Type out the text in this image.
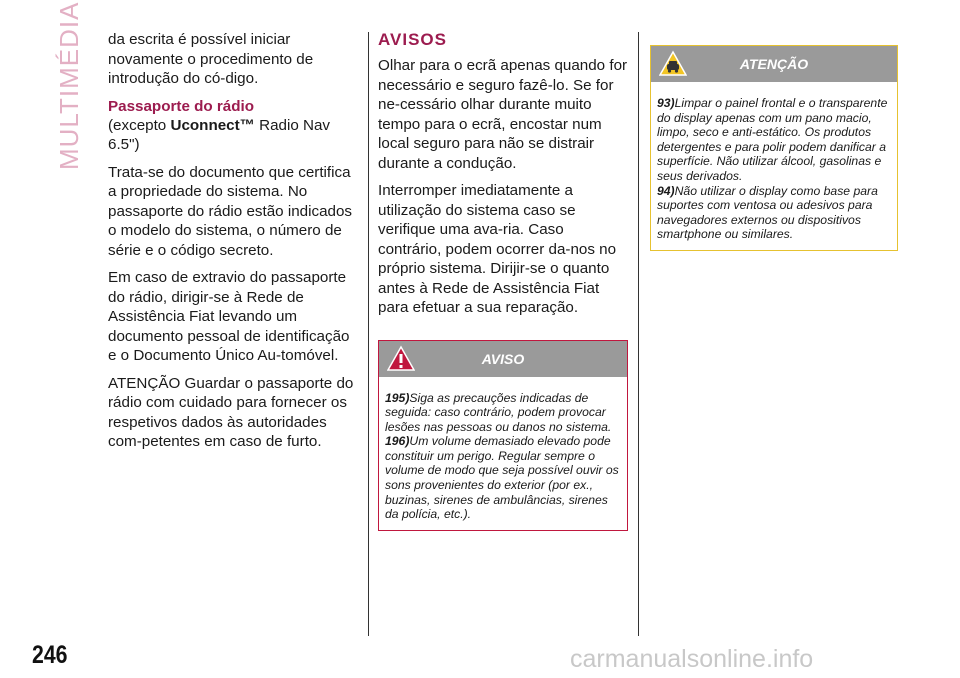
MULTIMÉDIA da escrita é possível iniciar novamente o procedimento de introdução do có-digo.

Passaporte do rádio

(excepto Uconnect™ Radio Nav 6.5")

Trata-se do documento que certifica a propriedade do sistema. No passaporte do rádio estão indicados o modelo do sistema, o número de série e o código secreto.

Em caso de extravio do passaporte do rádio, dirigir-se à Rede de Assistência Fiat levando um documento pessoal de identificação e o Documento Único Au-tomóvel.

ATENÇÃO Guardar o passaporte do rádio com cuidado para fornecer os respetivos dados às autoridades com-petentes em caso de furto.

AVISOS

Olhar para o ecrã apenas quando for necessário e seguro fazê-lo. Se for ne-cessário olhar durante muito tempo para o ecrã, encostar num local seguro para não se distrair durante a condução.

Interromper imediatamente a utilização do sistema caso se verifique uma ava-ria. Caso contrário, podem ocorrer da-nos no próprio sistema. Dirijir-se o quanto antes à Rede de Assistência Fiat para efetuar a sua reparação.

AVISO
195)Siga as precauções indicadas de seguida: caso contrário, podem provocar lesões nas pessoas ou danos no sistema.
196)Um volume demasiado elevado pode constituir um perigo. Regular sempre o volume de modo que seja possível ouvir os sons provenientes do exterior (por ex., buzinas, sirenes de ambulâncias, sirenes da polícia, etc.).
ATENÇÃO
93)Limpar o painel frontal e o transparente do display apenas com um pano macio, limpo, seco e anti-estático. Os produtos detergentes e para polir podem danificar a superfície. Não utilizar álcool, gasolinas e seus derivados.
94)Não utilizar o display como base para suportes com ventosa ou adesivos para navegadores externos ou dispositivos smartphone ou similares.
246	carmanualsonline.info
